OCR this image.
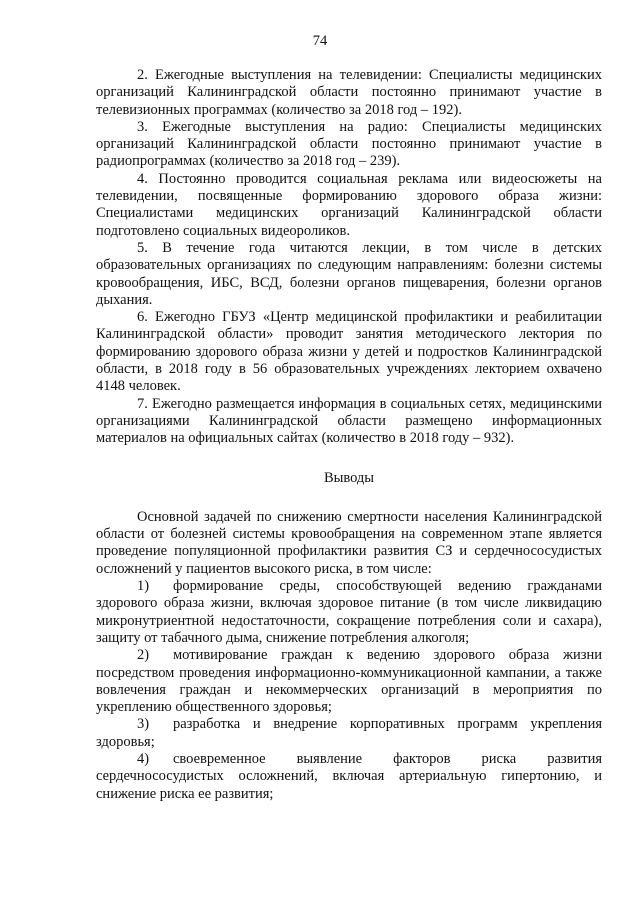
74

2. Ежегодные выступления на телевидении: Специалисты медицинских организаций Калининградской области постоянно принимают участие в телевизионных программах (количество за 2018 год – 192).

3. Ежегодные выступления на радио: Специалисты медицинских организаций Калининградской области постоянно принимают участие в радиопрограммах (количество за 2018 год – 239).

4. Постоянно проводится социальная реклама или видеосюжеты на телевидении, посвященные формированию здорового образа жизни: Специалистами медицинских организаций Калининградской области подготовлено социальных видеороликов.

5. В течение года читаются лекции, в том числе в детских образовательных организациях по следующим направлениям: болезни системы кровообращения, ИБС, ВСД, болезни органов пищеварения, болезни органов дыхания.

6. Ежегодно ГБУЗ «Центр медицинской профилактики и реабилитации Калининградской области» проводит занятия методического лектория по формированию здорового образа жизни у детей и подростков Калининградской области, в 2018 году в 56 образовательных учреждениях лекторием охвачено 4148 человек.

7. Ежегодно размещается информация в социальных сетях, медицинскими организациями Калининградской области размещено информационных материалов на официальных сайтах (количество в 2018 году – 932).

Выводы

Основной задачей по снижению смертности населения Калининградской области от болезней системы кровообращения на современном этапе является проведение популяционной профилактики развития СЗ и сердечнососудистых осложнений у пациентов высокого риска, в том числе:

1) формирование среды, способствующей ведению гражданами здорового образа жизни, включая здоровое питание (в том числе ликвидацию микронутриентной недостаточности, сокращение потребления соли и сахара), защиту от табачного дыма, снижение потребления алкоголя;

2) мотивирование граждан к ведению здорового образа жизни посредством проведения информационно-коммуникационной кампании, а также вовлечения граждан и некоммерческих организаций в мероприятия по укреплению общественного здоровья;

3) разработка и внедрение корпоративных программ укрепления здоровья;

4) своевременное выявление факторов риска развития сердечнососудистых осложнений, включая артериальную гипертонию, и снижение риска ее развития;
